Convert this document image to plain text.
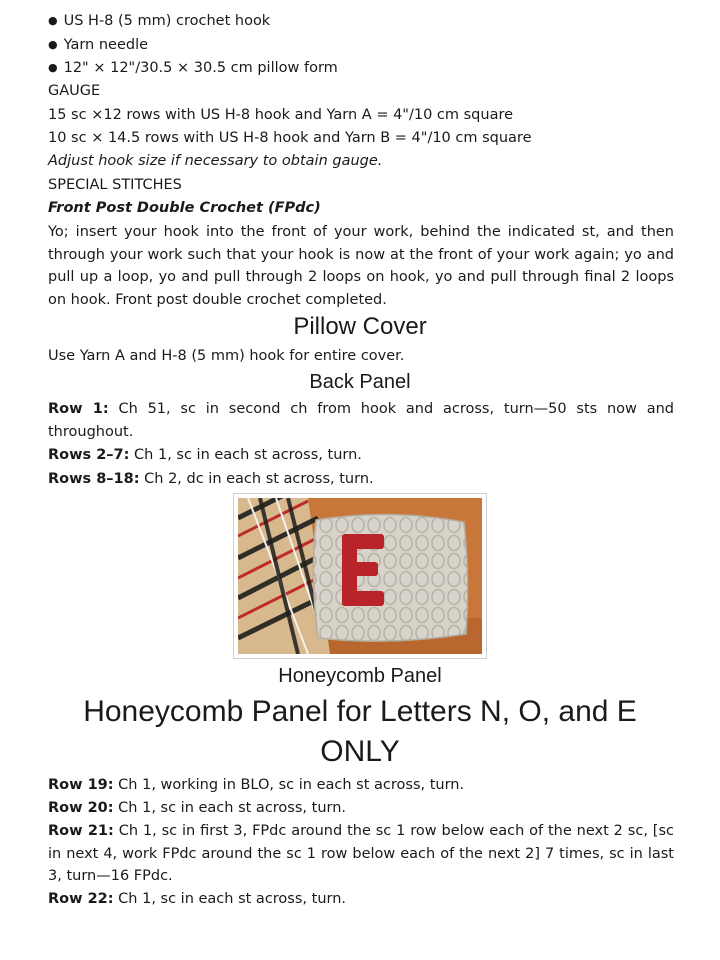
● US H-8 (5 mm) crochet hook
● Yarn needle
● 12" × 12"/30.5 × 30.5 cm pillow form
GAUGE
15 sc ×12 rows with US H-8 hook and Yarn A = 4"/10 cm square
10 sc × 14.5 rows with US H-8 hook and Yarn B = 4"/10 cm square
Adjust hook size if necessary to obtain gauge.
SPECIAL STITCHES
Front Post Double Crochet (FPdc)
Yo; insert your hook into the front of your work, behind the indicated st, and then through your work such that your hook is now at the front of your work again; yo and pull up a loop, yo and pull through 2 loops on hook, yo and pull through final 2 loops on hook. Front post double crochet completed.
Pillow Cover
Use Yarn A and H-8 (5 mm) hook for entire cover.
Back Panel
Row 1: Ch 51, sc in second ch from hook and across, turn—50 sts now and throughout.
Rows 2–7: Ch 1, sc in each st across, turn.
Rows 8–18: Ch 2, dc in each st across, turn.
Honeycomb Panel
Honeycomb Panel for Letters N, O, and E ONLY
Row 19: Ch 1, working in BLO, sc in each st across, turn.
Row 20: Ch 1, sc in each st across, turn.
Row 21: Ch 1, sc in first 3, FPdc around the sc 1 row below each of the next 2 sc, [sc in next 4, work FPdc around the sc 1 row below each of the next 2] 7 times, sc in last 3, turn—16 FPdc.
Row 22: Ch 1, sc in each st across, turn.
